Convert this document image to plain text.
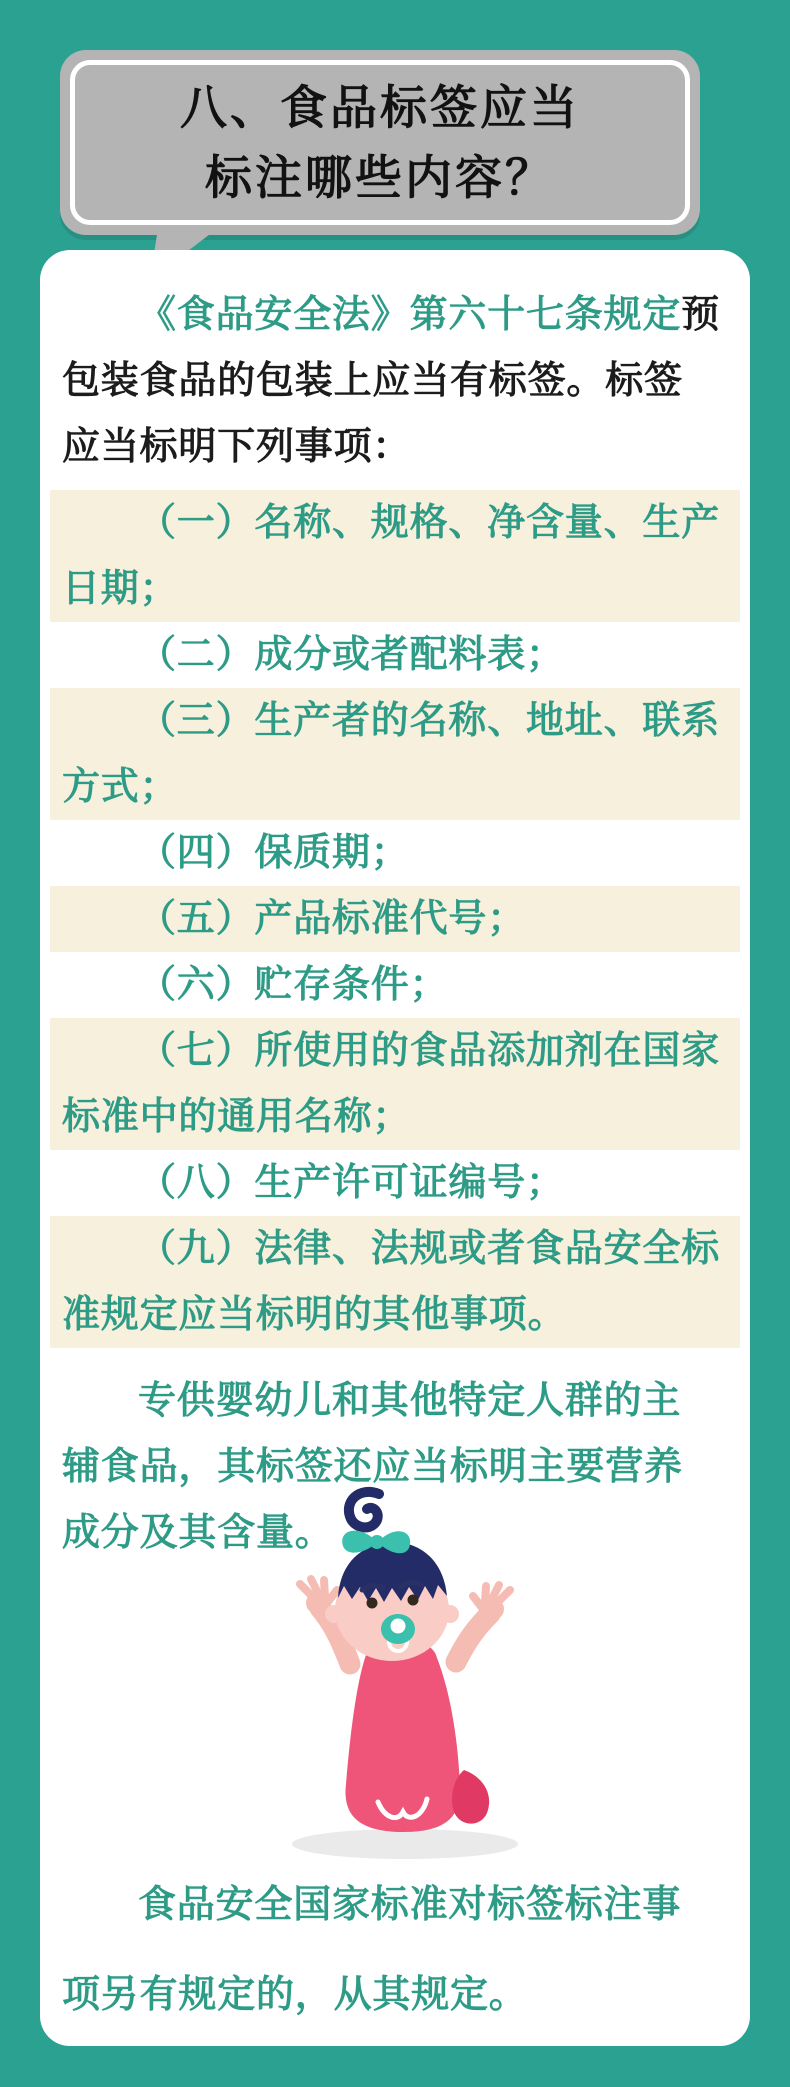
八、食品标签应当
标注哪些内容？
《食品安全法》第六十七条规定预
包装食品的包装上应当有标签。标签
应当标明下列事项：
（一）名称、规格、净含量、生产
日期；
（二）成分或者配料表；
（三）生产者的名称、地址、联系
方式；
（四）保质期；
（五）产品标准代号；
（六）贮存条件；
（七）所使用的食品添加剂在国家
标准中的通用名称；
（八）生产许可证编号；
（九）法律、法规或者食品安全标
准规定应当标明的其他事项。
专供婴幼儿和其他特定人群的主
辅食品，其标签还应当标明主要营养
成分及其含量。
食品安全国家标准对标签标注事
项另有规定的，从其规定。
